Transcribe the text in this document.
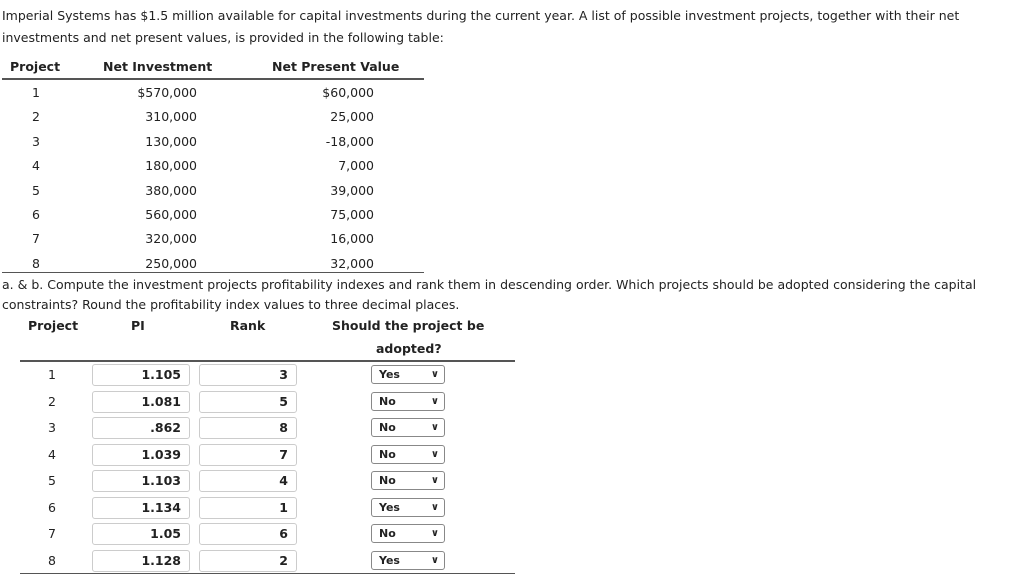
Imperial Systems has $1.5 million available for capital investments during the current year. A list of possible investment projects, together with their net investments and net present values, is provided in the following table:
Project	Net Investment	Net Present Value
1	$570,000	$60,000
2	310,000	25,000
3	130,000	-18,000
4	180,000	7,000
5	380,000	39,000
6	560,000	75,000
7	320,000	16,000
8	250,000	32,000
a. & b. Compute the investment projects profitability indexes and rank them in descending order. Which projects should be adopted considering the capital constraints? Round the profitability index values to three decimal places.
Project	PI	Rank	Should the project be
adopted?
1	1.105	3	Yes	∨
2	1.081	5	No	∨
3	.862	8	No	∨
4	1.039	7	No	∨
5	1.103	4	No	∨
6	1.134	1	Yes	∨
7	1.05	6	No	∨
8	1.128	2	Yes	∨
